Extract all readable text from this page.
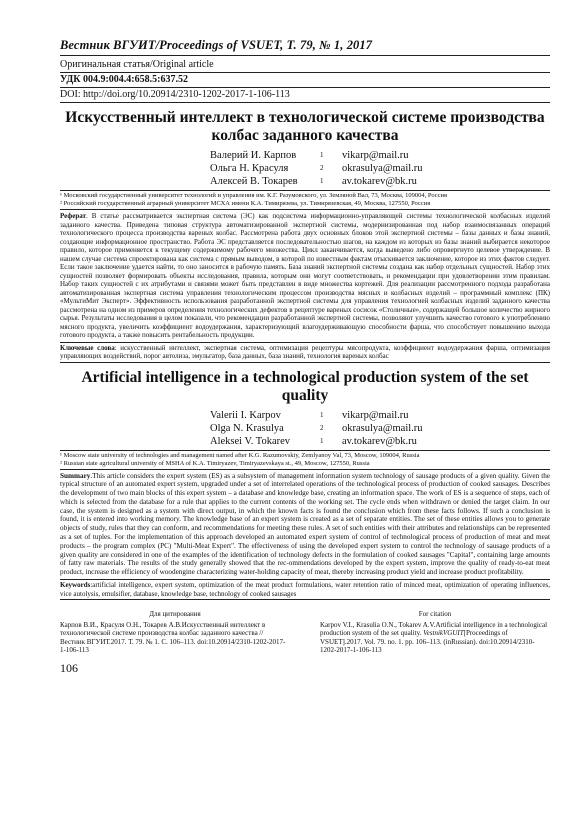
Вестник ВГУИТ/Proceedings of VSUET, Т. 79, № 1, 2017
Оригинальная статья/Original article
УДК 004.9:004.4:658.5:637.52
DOI: http://doi.org/10.20914/2310-1202-2017-1-106-113
Искусственный интеллект в технологической системе производства колбас заданного качества
Валерий И. Карпов	1	vikarp@mail.ru
Ольга Н. Красуля	2	okrasulya@mail.ru
Алексей В. Токарев	1	av.tokarev@bk.ru
¹ Московский государственный университет технологий и управления им. К.Г. Разумовского, ул. Земляной Вал, 73, Москва, 109004, Россия
² Российский государственный аграрный университет МСХА имени К.А. Тимирязева, ул. Тимирязевская, 49, Москва, 127550, Россия
Реферат. В статье рассматривается экспертная система (ЭС) как подсистема информационно-управляющей системы технологической колбасных изделий заданного качества. Приведена типовая структура автоматизированной экспертной системы, модернизированная под набор взаимосвязанных операций технологического процесса производства вареных колбас. Рассмотрена работа двух основных блоков этой экспертной системы – базы данных и базы знаний, создающие информационное пространство. Работа ЭС представляется последовательностью шагов, на каждом из которых из базы знаний выбирается некоторое правило, которое применяется к текущему содержимому рабочего множества. Цикл заканчивается, когда выведено либо опровергнуто целевое утверждение. В нашем случае система спроектирована как система с прямым выводом, в которой по известным фактам отыскивается заключение, которое из этих фактов следует. Если такое заключение удается найти, то оно заносится в рабочую память. База знаний экспертной системы создана как набор отдельных сущностей. Набор этих сущностей позволяет формировать объекты исследования, правила, которым они могут соответствовать, и рекомендации при удовлетворении этим правилам. Набор таких сущностей с их атрибутами и связями может быть представлен в виде множества кортежей. Для реализации рассмотренного подхода разработана автоматизированная экспертная система управления технологическим процессом производства мясных и колбасных изделий – программный комплекс (ПК) «МультиМит Эксперт». Эффективность использования разработанной экспертной системы для управления технологией колбасных изделий заданного качества рассмотрена на одном из примеров определения технологических дефектов в рецептуре вареных сосисок «Столичные», содержащей большое количество жирного сырья. Результаты исследования в целом показали, что рекомендации разработанной экспертной системы, позволяют улучшить качество готового к употреблению мясного продукта, увеличить коэффициент водоудержания, характеризующий влагоудерживающую способности фарша, что способствует повышению выхода готового продукта, а также повысить рентабельность продукции.
Ключевые слова: искусственный интеллект, экспертная система, оптимизация рецептуры мясопродукта, коэффициент водоудержания фарша, оптимизация управляющих воздействий, порог автолиза, эмульгатор, база данных, база знаний, технология вареных колбас
Artificial intelligence in a technological production system of the set quality
Valerii I. Karpov	1	vikarp@mail.ru
Olga N. Krasulya	2	okrasulya@mail.ru
Aleksei V. Tokarev	1	av.tokarev@bk.ru
¹ Moscow state university of technologies and management named after K.G. Razumovskiy, Zemlyanoy Val, 73, Moscow, 109004, Russia
² Russian state agricultural university of MSHA of K.A. Timiryazev, Timiryazevskaya st., 49, Moscow, 127550, Russia
Summary.This article considers the expert system (ES) as a subsystem of management information system technology of sausage products of a given quality. Given the typical structure of an automated expert system, upgraded under a set of interrelated operations of the technological process of production of cooked sausages. Describes the development of two main blocks of this expert system – a database and knowledge base, creating an information space. The work of ES is a sequence of steps, each of which is selected from the database for a rule that applies to the current contents of the working set. The cycle ends when withdrawn or denied the target claim. In our case, the system is designed as a system with direct output, in which the known facts is found the conclusion which from these facts follows. If such a conclusion is found, it is entered into working memory. The knowledge base of an expert system is created as a set of separate entities. The set of these entities allows you to generate objects of study, rules that they can conform, and recommendations for meeting these rules. A set of such entities with their attributes and relationships can be represented as a set of tuples. For the implementation of this approach developed an automated expert system of control of technological process of production of meat and meat products – the program complex (PC) "Multi-Meat Expert". The effectiveness of using the developed expert system to control the technology of sausage products of a given quality are considered in one of the examples of the identification of technology defects in the formulation of cooked sausages "Capital", containing large amounts of fatty raw materials. The results of the study generally showed that the rec-ommendations developed by the expert system, improve the quality of ready-to-eat meat product, increase the efficiency of woodengine characterizing water-holding capacity of meat, thereby increasing product yield and increase product profitability.
Keywords:artificial intelligence, expert system, optimization of the meat product formulations, water retention ratio of minced meat, optimization of operating influences, vice autolysis, emulsifier, database, knowledge base, technology of cooked sausages
Для цитирования
Карпов В.И., Красуля О.Н., Токарев А.В.Искусственный интеллект в технологической системе производства колбас заданного качества // Вестник ВГУИТ.2017. Т. 79. № 1. С. 106–113. doi:10.20914/2310-1202-2017-1-106-113
For citation
Karpov V.I., Krasulia O.N., Tokarev A.V.Artificial intelligence in a technological production system of the set quality. VestnikVGUIT[Proceedings of VSUET].2017. Vol. 79. no. 1. pp. 106–113. (inRussian). doi:10.20914/2310-1202-2017-1-106-113
106
